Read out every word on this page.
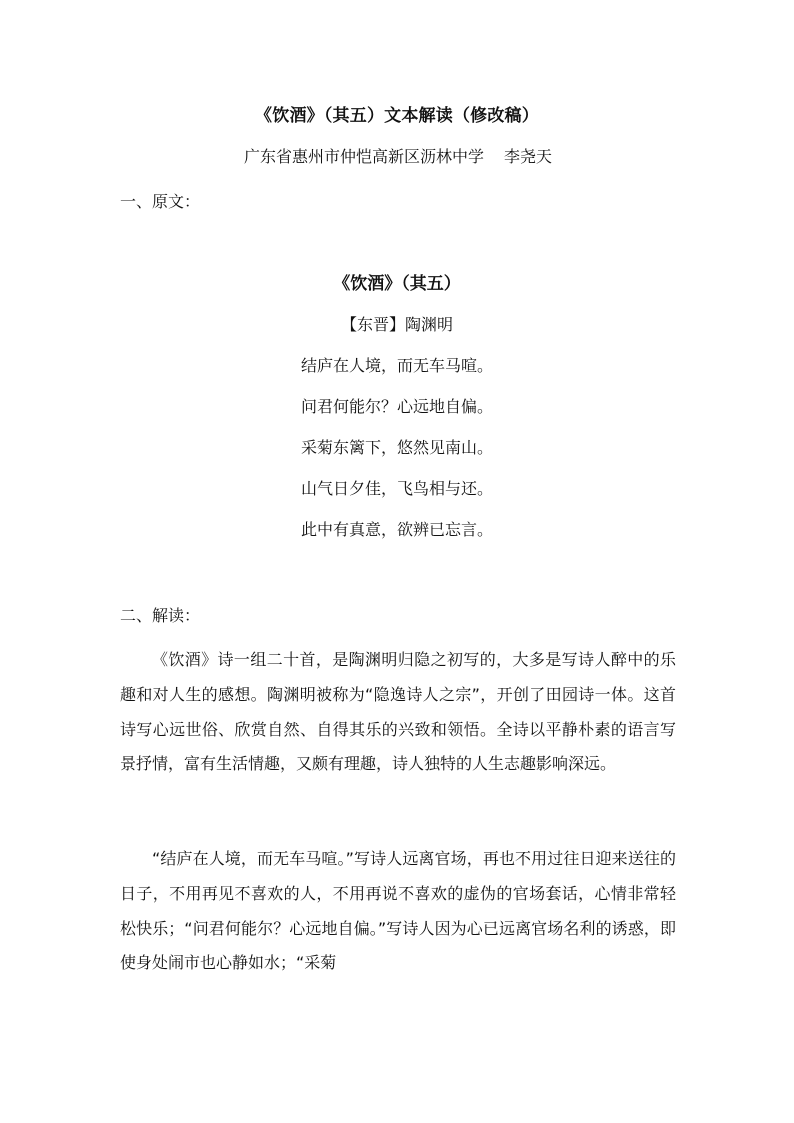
《饮酒》（其五）文本解读（修改稿）
广东省惠州市仲恺高新区沥林中学 李尧天
一、原文：
《饮酒》（其五）
【东晋】陶渊明
结庐在人境，而无车马喧。
问君何能尔？心远地自偏。
采菊东篱下，悠然见南山。
山气日夕佳，飞鸟相与还。
此中有真意，欲辨已忘言。
二、解读：

《饮酒》诗一组二十首，是陶渊明归隐之初写的，大多是写诗人醉中的乐趣和对人生的感想。陶渊明被称为“隐逸诗人之宗”，开创了田园诗一体。这首诗写心远世俗、欣赏自然、自得其乐的兴致和领悟。全诗以平静朴素的语言写景抒情，富有生活情趣，又颇有理趣，诗人独特的人生志趣影响深远。

“结庐在人境，而无车马喧。”写诗人远离官场，再也不用过往日迎来送往的日子，不用再见不喜欢的人，不用再说不喜欢的虚伪的官场套话，心情非常轻松快乐；“问君何能尔？心远地自偏。”写诗人因为心已远离官场名利的诱惑，即使身处闹市也心静如水；“采菊
